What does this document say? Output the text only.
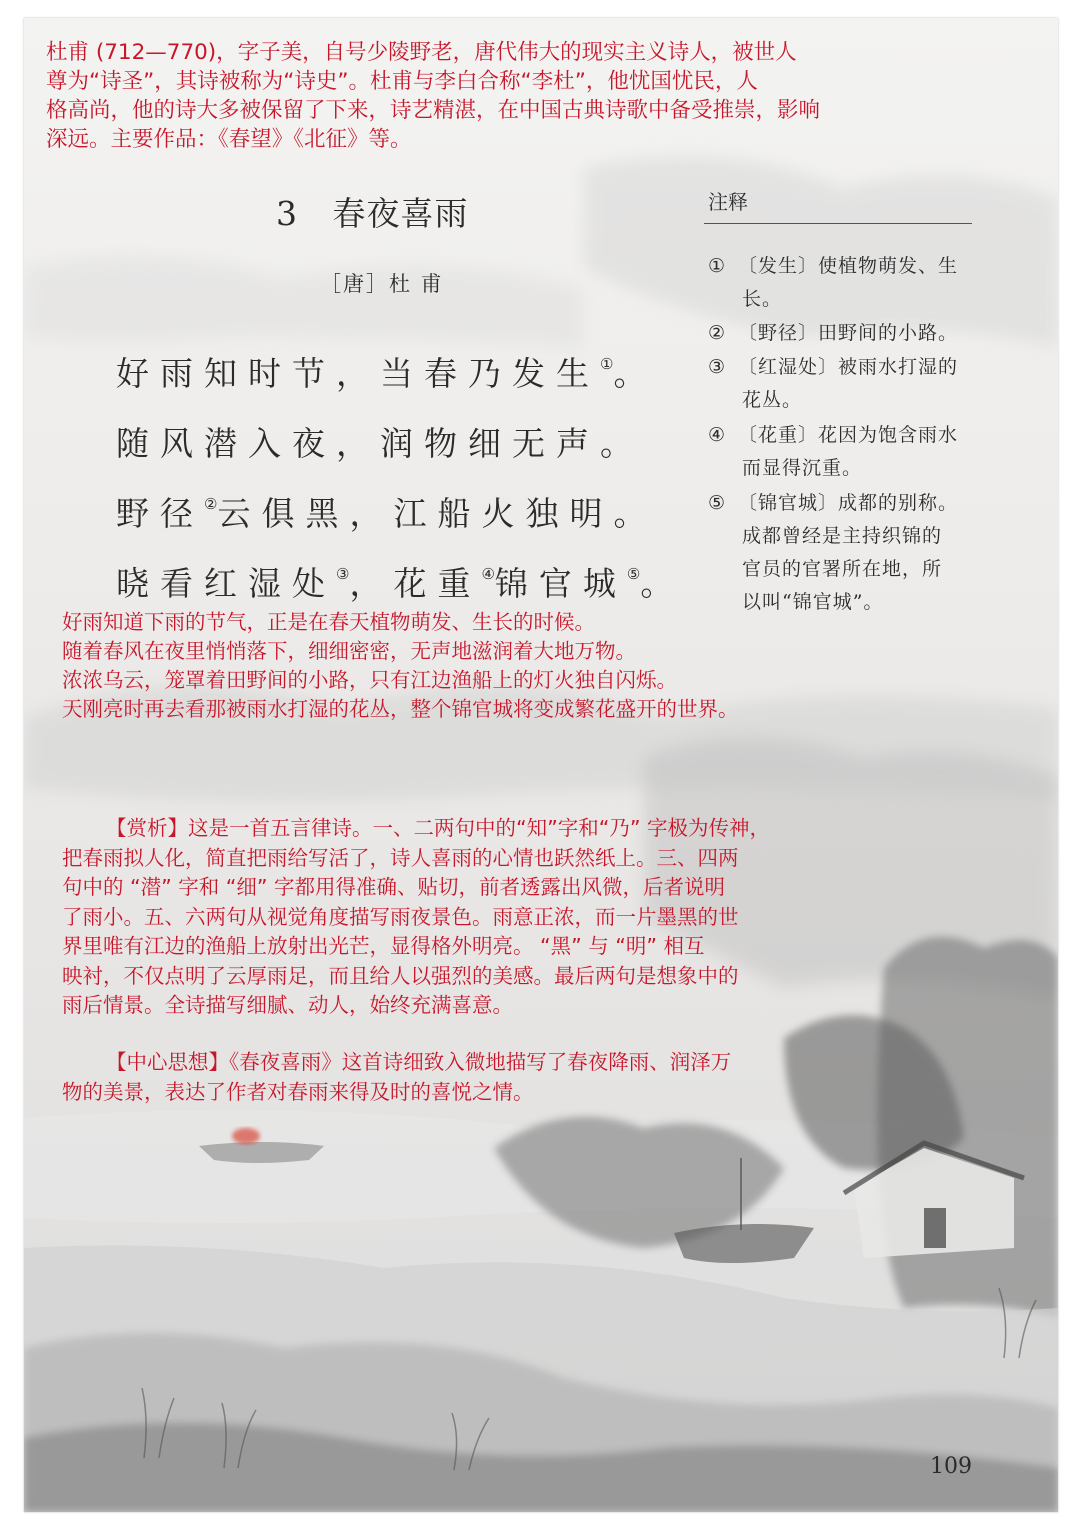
杜甫 (712—770)，字子美，自号少陵野老，唐代伟大的现实主义诗人，被世人
尊为“诗圣”，其诗被称为“诗史”。杜甫与李白合称“李杜”，他忧国忧民，人
格高尚，他的诗大多被保留了下来，诗艺精湛，在中国古典诗歌中备受推崇，影响
深远。主要作品：《春望》《北征》等。
3 春夜喜雨
［唐］杜 甫
好雨知时节，当春乃发生①。
随风潜入夜，润物细无声。
野径②云俱黑，江船火独明。
晓看红湿处③，花重④锦官城⑤。
注释
① 〔发生〕使植物萌发、生
长。
② 〔野径〕田野间的小路。
③ 〔红湿处〕被雨水打湿的
花丛。
④ 〔花重〕花因为饱含雨水
而显得沉重。
⑤ 〔锦官城〕成都的别称。
成都曾经是主持织锦的
官员的官署所在地，所
以叫“锦官城”。
好雨知道下雨的节气，正是在春天植物萌发、生长的时候。
随着春风在夜里悄悄落下，细细密密，无声地滋润着大地万物。
浓浓乌云，笼罩着田野间的小路，只有江边渔船上的灯火独自闪烁。
天刚亮时再去看那被雨水打湿的花丛，整个锦官城将变成繁花盛开的世界。
【赏析】这是一首五言律诗。一、二两句中的“知”字和“乃” 字极为传神，
把春雨拟人化，简直把雨给写活了，诗人喜雨的心情也跃然纸上。三、四两
句中的 “潜” 字和 “细” 字都用得准确、贴切，前者透露出风微，后者说明
了雨小。五、六两句从视觉角度描写雨夜景色。雨意正浓，而一片墨黑的世
界里唯有江边的渔船上放射出光芒，显得格外明亮。 “黑” 与 “明” 相互
映衬，不仅点明了云厚雨足，而且给人以强烈的美感。最后两句是想象中的
雨后情景。全诗描写细腻、动人，始终充满喜意。
【中心思想】《春夜喜雨》这首诗细致入微地描写了春夜降雨、润泽万
物的美景，表达了作者对春雨来得及时的喜悦之情。
109
